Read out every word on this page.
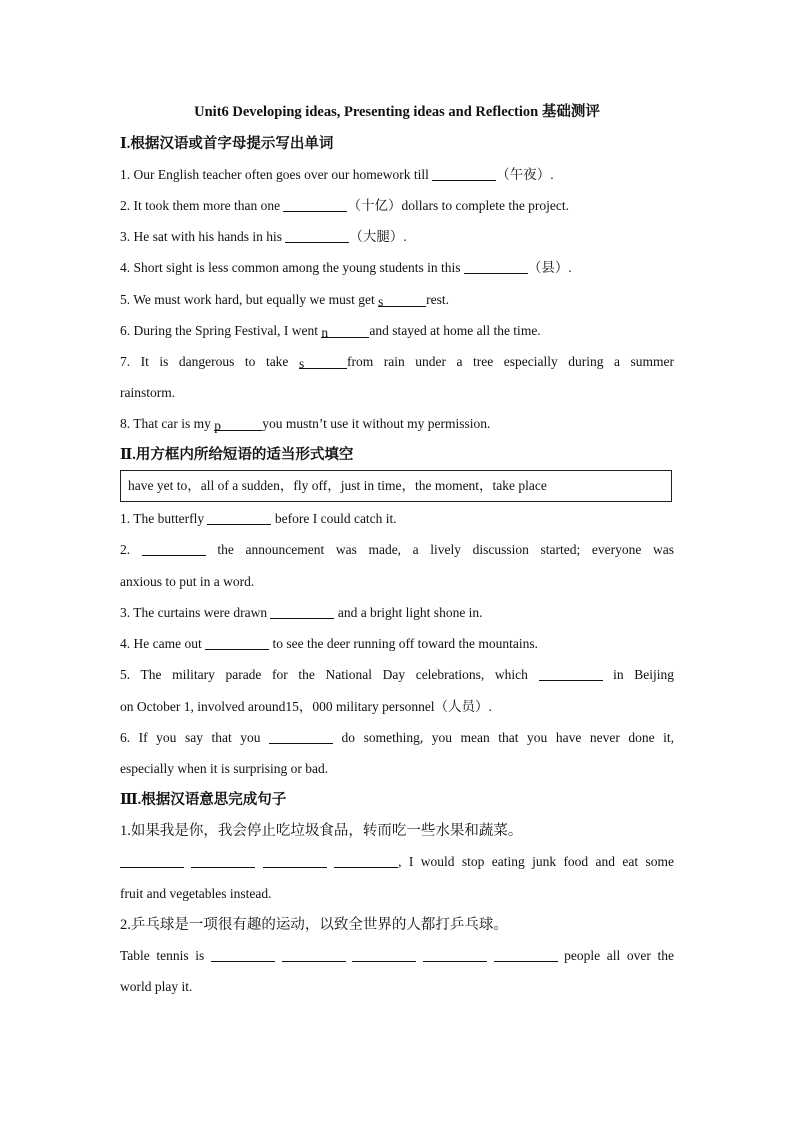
Unit6 Developing ideas, Presenting ideas and Reflection 基础测评
Ⅰ.根据汉语或首字母提示写出单词
1. Our English teacher often goes over our homework till	（午夜）.
2. It took them more than one	（十亿）dollars to complete the project.
3. He sat with his hands in his	（大腿）.
4. Short sight is less common among the young students in this	（县）.
5. We must work hard, but equally we must get s	rest.
6. During the Spring Festival, I went n	and stayed at home all the time.
7. It is dangerous to take s	from rain under a tree especially during a summer
rainstorm.
8. That car is my p	you mustn’t use it without my permission.
Ⅱ.用方框内所给短语的适当形式填空
have yet to，all of a sudden，fly off，just in time，the moment，take place
1. The butterfly	before I could catch it.
2.	the announcement was made, a lively discussion started; everyone was
anxious to put in a word.
3. The curtains were drawn	and a bright light shone in.
4. He came out	to see the deer running off toward the mountains.
5. The military parade for the National Day celebrations, which	in Beijing
on October 1, involved around15，000 military personnel（人员）.
6. If you say that you	do something, you mean that you have never done it,
especially when it is surprising or bad.
Ⅲ.根据汉语意思完成句子
1.如果我是你，我会停止吃垃圾食品，转而吃一些水果和蔬菜。
, I would stop eating junk food and eat some
fruit and vegetables instead.
2.乒乓球是一项很有趣的运动，以致全世界的人都打乒乓球。
Table tennis is	people all over the
world play it.
